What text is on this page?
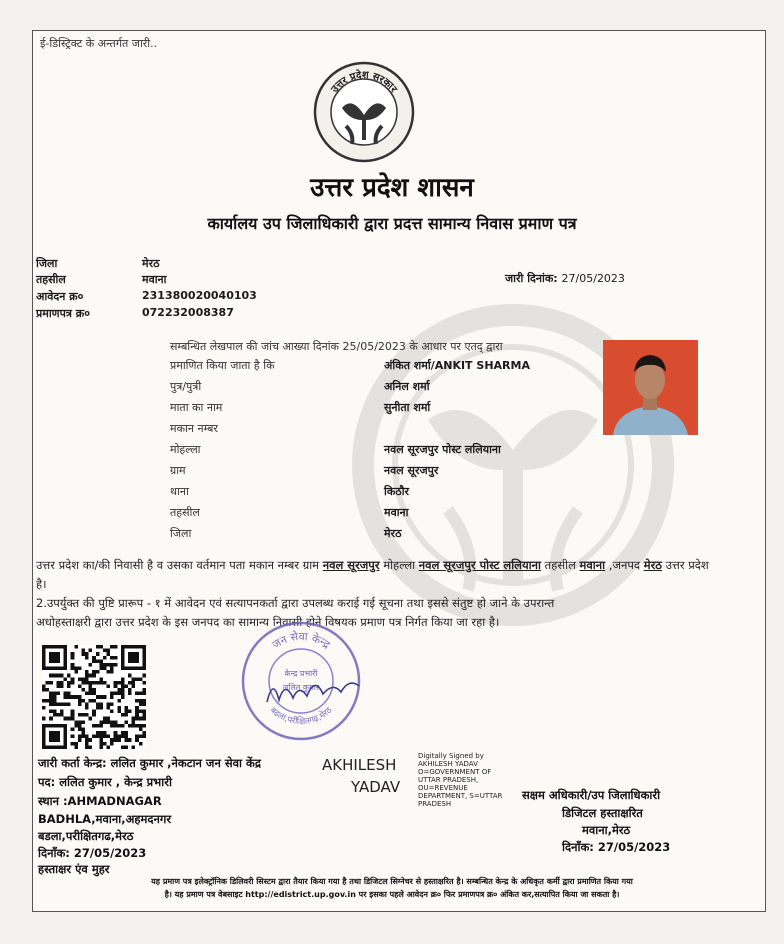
ई-डिस्ट्रिक्ट के अन्तर्गत जारी..
उत्तर प्रदेश सरकार
उत्तर प्रदेश शासन
कार्यालय उप जिलाधिकारी द्वारा प्रदत्त सामान्य निवास प्रमाण पत्र
जिला	मेरठ
तहसील	मवाना
आवेदन क्र०	231380020040103
प्रमाणपत्र क्र०	072232008387
जारी दिनांक: 27/05/2023
सम्बन्धित लेखपाल की जांच आख्या दिनांक 25/05/2023 के आधार पर एतद् द्वारा
प्रमाणित किया जाता है कि	अंकित शर्मा/ANKIT SHARMA
पुत्र/पुत्री	अनिल शर्मा
माता का नाम	सुनीता शर्मा
मकान नम्बर
मोहल्ला	नवल सूरजपुर पोस्ट ललियाना
ग्राम	नवल सूरजपुर
थाना	किठौर
तहसील	मवाना
जिला	मेरठ
उत्तर प्रदेश का/की निवासी है व उसका वर्तमान पता मकान नम्बर ग्राम नवल सूरजपुर मोहल्ला नवल सूरजपुर पोस्ट ललियाना तहसील मवाना ,जनपद मेरठ उत्तर प्रदेश है।
2.उपर्युक्त की पुष्टि प्रारूप - १ में आवेदन एवं सत्यापनकर्ता द्वारा उपलब्ध कराई गई सूचना तथा इससे संतुष्ट हो जाने के उपरान्त
अधोहस्ताक्षरी द्वारा उत्तर प्रदेश के इस जनपद का सामान्य निवासी होने विषयक प्रमाण पत्र निर्गत किया जा रहा है।
जन सेवा केन्द्र
बढला,परीक्षितगढ़,मेरठ
केन्द्र प्रभारी
ललित कुमार
जारी कर्ता केन्द्र: ललित कुमार ,नेकटान जन सेवा केंद्र
पद: ललित कुमार , केन्द्र प्रभारी
स्थान :AHMADNAGAR
BADHLA,मवाना,अहमदनगर
बडला,परीक्षितगढ,मेरठ
दिनाँक: 27/05/2023
हस्ताक्षर एंव मुहर
AKHILESH
YADAV
Digitally Signed by
AKHILESH YADAV
O=GOVERNMENT OF
UTTAR PRADESH,
OU=REVENUE
DEPARTMENT, S=UTTAR
PRADESH
सक्षम अधिकारी/उप जिलाधिकारी
डिजिटल हस्ताक्षरित
मवाना,मेरठ
दिनाँक: 27/05/2023
यह प्रमाण पत्र इलेक्ट्रॉनिक डिलिवरी सिस्टम द्वारा तैयार किया गया है तथा डिजिटल सिग्नेचर से हस्ताक्षरित है। सम्बन्धित केन्द्र के अधिकृत कर्मी द्वारा प्रमाणित किया गया
है। यह प्रमाण पत्र वेबसाइट http://edistrict.up.gov.in पर इसका पहले आवेदन क्र० फिर प्रमाणपत्र क्र० अंकित कर,सत्यापित किया जा सकता है।
